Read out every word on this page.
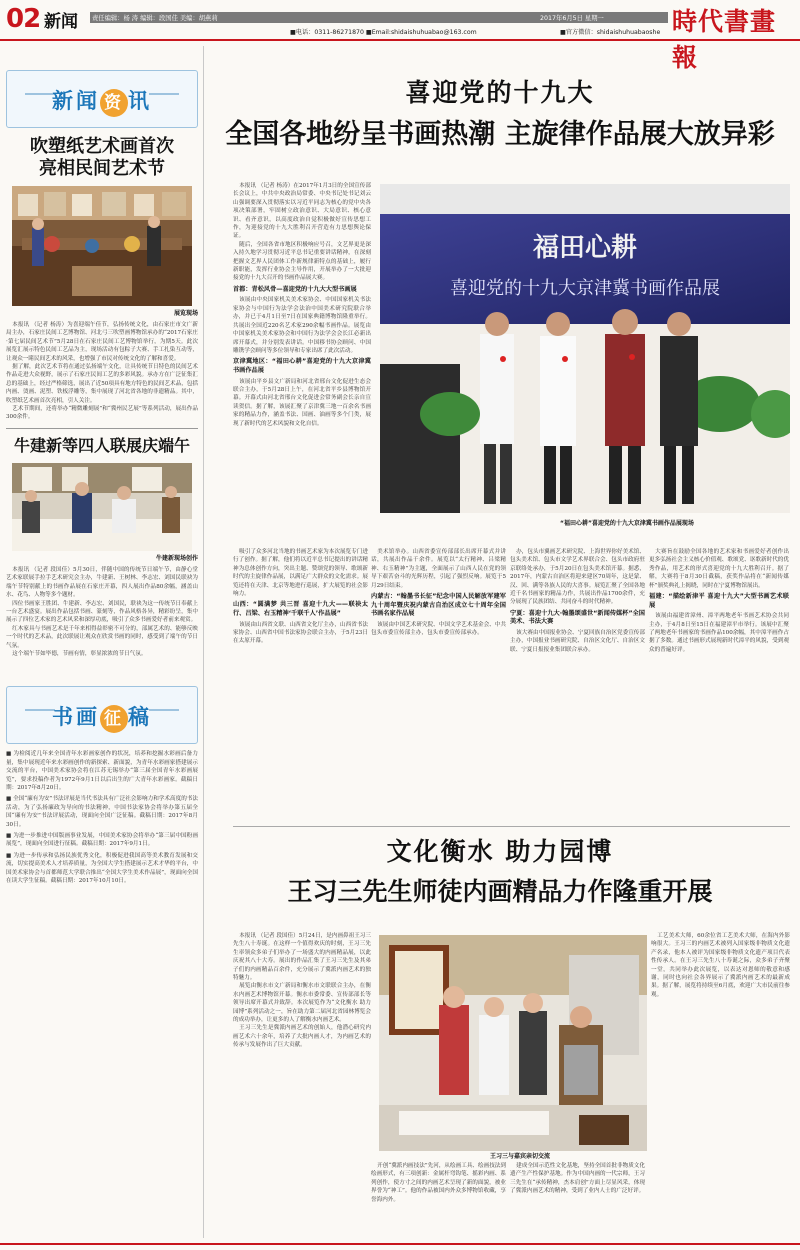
02 新闻 责任编辑：杨 涛 编辑：段国佳 美编：胡燕莉	2017年6月5日 星期一
■电话：0311-86271870 ■Email:shidaishuhuabao@163.com	■官方微信：shidaishuhuabaoshe 時代書畫報
新闻 资 讯
吹塑纸艺术画首次
亮相民间艺术节
展览现场

本报讯 （记者 杨涛）为喜迎端午佳节，弘扬传统文化，由石家庄市文广新局主办，石家庄民间工艺博物馆、河北弓三吹塑画博物馆承办的“2017石家庄·第七届民间艺术节”5月28日在石家庄民间工艺博物馆举行，为期5天。此次展览汇展示特色民间工艺品为主，现场活动有包粽子大赛、手工扎染互动等，让观众一睹民间艺术的风采，也增强了市民对传统文化的了解和喜爱。

据了解，此次艺术节将在通过弘扬端午文化，让具传统节日特色的民间艺术作品走进大众视野，展示了石家庄民间工艺的多彩风貌。承办方在广泛征集汇总的基础上，经过严格筛选，展出了近50项具有地方特色的民间艺术品，包括内画、烫画、泥塑、铁板浮雕等，集中展现了河北省各地的非遗精品。其中，吹塑纸艺术画首次亮相，引人关注。

艺术节期间，还将举办“精微雕刻展”和“冀州民艺展”等系列活动，展出作品300余件。

牛建新等四人联展庆端午
牛建新现场创作

本报讯 （记者 段国佳）5月30日，伴随中国的传统节日端午节，由静心堂艺术家联展手拉手艺术研究会主办，牛建新、王树林、李志宏、刘国民联袂为端午节特别献上的书画作品展在石家庄开幕，四人展出作品80余幅，涵盖山水、花鸟、人物等多个题材。

四位书画家王胜团、牛建新、李志宏、刘国民，联袂为这一传统节日奉献上一台艺术盛宴。展出作品包括书画、篆刻等，作品风格各异，精彩纷呈，集中展示了四位艺术家的艺术风采和深厚功底，吸引了众多书画爱好者前来观赏。

红木家具与书画艺术是千年来相得益彰密不可分的，部属艺术的、能够反映一个时代的艺术品，此次联展让观众在欣赏书画的同时，感受到了端午的节日气氛。

这个端午节如毕德，节画有情，彰显浓浓的节日气氛。

书画 征 稿

■ 为检阅近几年来全国青年水彩画家创作的状况，培养和挖掘水彩画后备力量，集中展现近年来水彩画创作的新探索、新面貌，为青年水彩画家搭建展示交流的平台，中国美术家协会将在江苏无锡举办“第三届全国青年水彩画展览”，要求投稿作者为1972年9月1日以后出生的广大青年水彩画家。截稿日期：2017年8月20日。

■ 全国“廉有为安”书法评展是当代书法具有广泛社会影响力和学术高度的书法活动，为了弘扬廉政为导向的书法精神，中国书法家协会将举办第五届全国“廉有为安”书法评展活动，现面向全国广泛征稿。截稿日期：2017年8月30日。

■ 为进一步推进中国版画事业发展，中国美术家协会将举办“第三届中国粉画展览”，现面向全国进行征稿。截稿日期：2017年9月1日。

■ 为进一步传承和弘扬民族优秀文化，积极促进我国高等美术教育发展和交流，切实提高美术人才培养质量，为全国大学生搭建展示艺术才华的平台，中国美术家协会与首都师范大学联合推出“全国大学生美术作品展”，现面向全国在读大学生征稿。截稿日期：2017年10月10日。

喜迎党的十九大
全国各地纷呈书画热潮 主旋律作品展大放异彩

本报讯 （记者 杨涛）在2017年1月3日的全国宣传部长会议上，中共中央政治局常委、中央书记处书记刘云山强调要深入贯彻落实以习近平同志为核心的党中央各项决策部署，牢固树立政治意识、大局意识、核心意识、看齐意识，以高度政治自觉积极做好宣传思想工作，为迎接党的十九大胜利召开营造有力思想舆论保证。

随后，全国各省市地区积极响应号召，文艺界更是深入持久地学习贯彻习近平总书记重要讲话精神，在深刻把握文艺界人民团体工作新规律新特点的基础上，履行新职能，发挥行业协会主导作用，开展举办了一大批迎接党的十九大召开的书画作品展大赛。

首都：青松风骨—喜迎党的十九大大型书画展

该展由中央国家机关美术家协会、中国国家机关书法家协会与中国行为法学会法治中国美术研究院联合举办，并已于4月1日至7日在国家典籍博物馆隆重举行。共展出全国近220名艺术家290余幅书画作品。展览由中国家机关美术家协会和中国行为法学会会长江必新出席开幕式，并分别发表讲话。中国移书协会顾问、中国雕镌学会顾问等多位领导和专家出席了此次活动。

京津冀地区：“福田心耕”喜迎党的十九大京津冀书画作品展

该展由平乡县文广新局和河北省邢台文化促进生态会联合主办，于5月28日上午，在河北省平乡县博物馆开幕。开幕式由河北省邢台文化促进会常务副会长亲自宣读贺信。据了解，该展汇聚了京津冀三地一百余名书画家的精品力作，涵盖书法、国画、油画等多个门类，展现了新时代的艺术风貌和文化自信。

福田心耕
喜迎党的十九大京津冀书画作品展
“福田心耕”喜迎党的十九大京津冀书画作品展现场

吸引了众多河北当地的书画艺术家为本次展览专门进行了创作。据了解，他们将以近平总书记提出的讲话精神为总体创作方向，突出主题、赞颂党的领导、歌颂新时代的主旋律作品展，以满足广大群众的文化需求。展览还将在天津、北京等地进行巡展，扩大展览的社会影响力。

山西：“圆满梦 共三晋 喜迎十九大——联袂太行、吕梁、右玉精神‘千联千人’作品展”

该展由山西省文联、山西省文化厅主办，山西省书法家协会、山西省中国书法家协会联合主办，于5月23日在太原开幕。

美术馆举办。山西省委宣传部部长出席开幕式并讲话，共展出作品千余件。展览以“太行精神、吕梁精神、右玉精神”为主题，全面展示了山西人民在党的领导下艰苦奋斗的光辉历程，引起了强烈反响。展览于5月29日结束。

内蒙古：“翰墨书长征”纪念中国人民解放军建军九十周年暨庆祝内蒙古自治区成立七十周年全国书画名家作品展

该展由中国艺术研究院、中国文学艺术基金会、中共包头市委宣传部主办，包头市委宣传部承办。

办，包头市翼画艺术研究院、上海世界你好美术馆、包头美术馆、包头市文学艺术界联合会、包头市政府驻京联络处承办，于5月20日在包头美术馆开幕。据悉，2017年，内蒙古自治区将迎来建区70周年，这是蒙、汉、回、满等各族人民的大喜事。展览汇聚了全国各地近千名书画家的精品力作，共展出作品1700余件，充分展现了民族团结、共同奋斗的时代精神。

宁夏：喜迎十九大·翰墨颂盛世“新闻传媒杯”全国美术、书法大赛

该大赛由中国报业协会、宁夏回族自治区党委宣传部主办，中国报业书画研究院、自治区文化厅、自治区文联、宁夏日报报业集团联合承办。

大赛旨在鼓励全国各地的艺术家和书画爱好者创作出更多弘扬社会主义核心价值观、歌颂党、讴歌新时代的优秀作品，用艺术的形式喜迎党的十九大胜利召开。据了解，大赛将于8月30日截稿，获奖作品将在“新闻传媒杯”颁奖典礼上揭晓，同时在宁夏博物馆展出。

福建：“描绘新津平 喜迎十九大”大型书画艺术联展

该展由福建省漳州、漳平两地老年书画艺术协会共同主办，于4月8日至15日在福建漳平市举行。该展中汇聚了两地老年书画家的书画作品100余幅，其中漳平画作占据了多数。通过书画形式展现新时代漳平的风貌，受到观众的普遍好评。

文化衡水 助力园博
王习三先生师徒内画精品力作隆重开展

本报讯 （记者 段国佳）5月24日，是内画鼻祖王习三先生八十寿诞。在这样一个值得欢庆的时刻，王习三先生率领众多弟子们举办了一场盛大的内画精品展，以此庆祝其八十大寿。展出的作品汇集了王习三先生及其弟子们的内画精品百余件，充分展示了冀派内画艺术的独特魅力。

展览由衡水市文广新局和衡水市文联联合主办，在衡水内画艺术博物馆开幕。衡水市委常委、宣传部部长等领导出席开幕式并致辞。本次展览作为“文化衡水 助力园博”系列活动之一，旨在助力第二届河北省园林博览会的成功举办，让更多的人了解衡水内画艺术。

王习三先生是冀派内画艺术的创始人，他潜心研究内画艺术六十余年，培养了大批内画人才，为内画艺术的传承与发展作出了巨大贡献。

王习三与嘉宾亲切交流

开创“冀派内画技法”先河，从绘画工具、绘画技法到绘画形式，有三项创新：金属杆弯钩笔、摇彩内画、系列创作，使方寸之间的内画艺术呈现了新的面貌，被业界誉为“神工”。他的作品被国内外众多博物馆收藏，享誉海内外。

建成全国示范性文化基地，坚持全国首批非物质文化遗产生产性保护基地。作为中国内画的一代宗师，王习三先生在“承传精神，杰本肩创”方面上尽显风采，体现了冀派内画艺术的精神，受到了业内人士的广泛好评。

工艺美术大师，60余位省工艺美术大师，在海内外影响很大。王习三的内画艺术被列入国家级非物质文化遗产名录，他本人被评为国家级非物质文化遗产项目代表性传承人。在王习三先生八十寿诞之际，众多弟子齐聚一堂，共同举办此次展览，以表达对恩师的敬意和感谢，同时也向社会各界展示了冀派内画艺术的最新成果。据了解，展览将持续至6月底，欢迎广大市民前往参观。
